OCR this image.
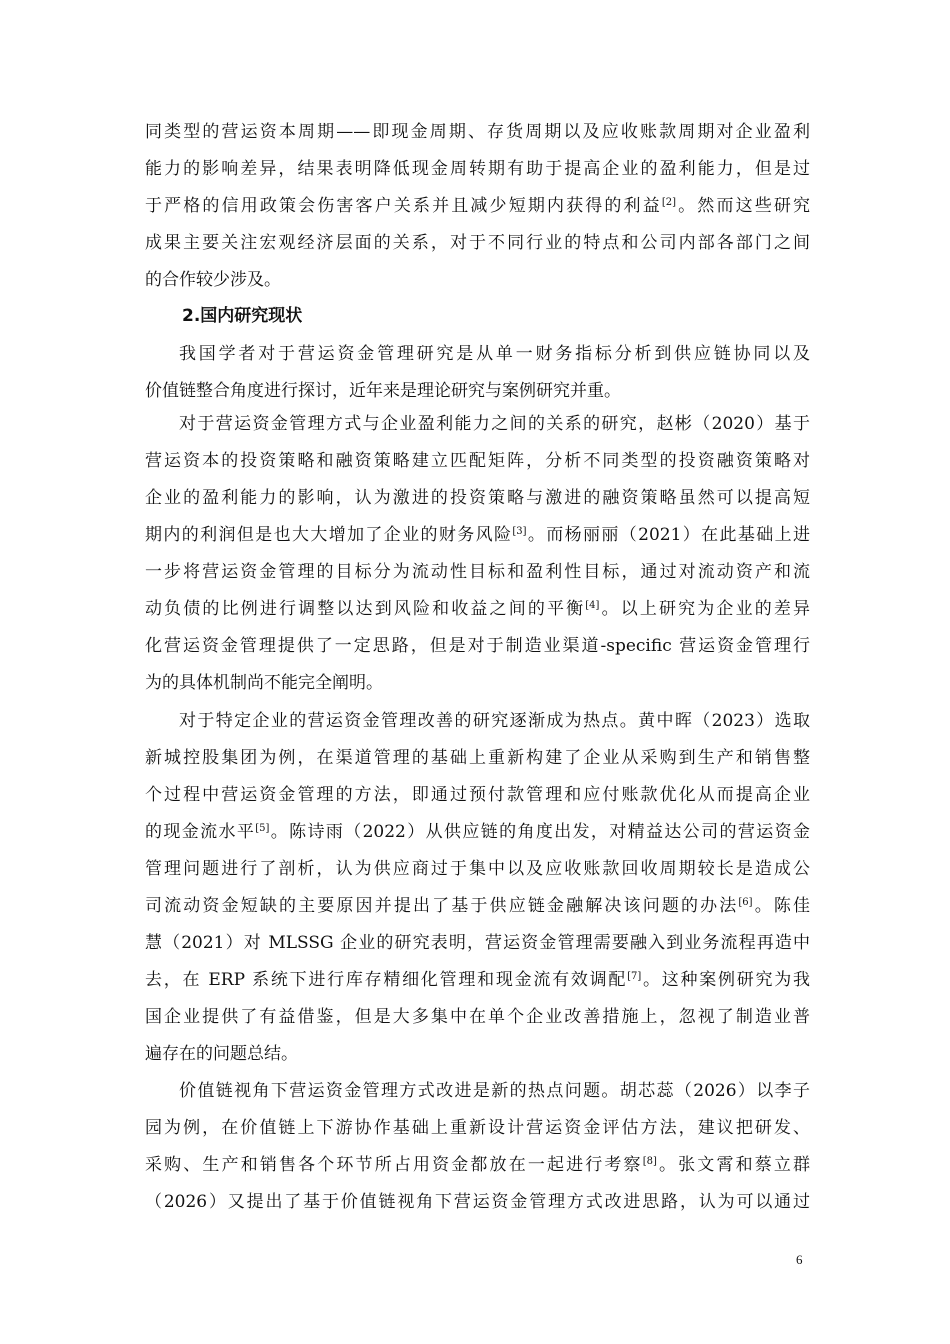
同类型的营运资本周期——即现金周期、存货周期以及应收账款周期对企业盈利
能力的影响差异，结果表明降低现金周转期有助于提高企业的盈利能力，但是过
于严格的信用政策会伤害客户关系并且减少短期内获得的利益[2]。然而这些研究
成果主要关注宏观经济层面的关系，对于不同行业的特点和公司内部各部门之间
的合作较少涉及。
我国学者对于营运资金管理研究是从单一财务指标分析到供应链协同以及
价值链整合角度进行探讨，近年来是理论研究与案例研究并重。
对于营运资金管理方式与企业盈利能力之间的关系的研究，赵彬（2020）基于
营运资本的投资策略和融资策略建立匹配矩阵，分析不同类型的投资融资策略对
企业的盈利能力的影响，认为激进的投资策略与激进的融资策略虽然可以提高短
期内的利润但是也大大增加了企业的财务风险[3]。而杨丽丽（2021）在此基础上进
一步将营运资金管理的目标分为流动性目标和盈利性目标，通过对流动资产和流
动负债的比例进行调整以达到风险和收益之间的平衡[4]。以上研究为企业的差异
化营运资金管理提供了一定思路，但是对于制造业渠道-specific 营运资金管理行
为的具体机制尚不能完全阐明。
对于特定企业的营运资金管理改善的研究逐渐成为热点。黄中晖（2023）选取
新城控股集团为例，在渠道管理的基础上重新构建了企业从采购到生产和销售整
个过程中营运资金管理的方法，即通过预付款管理和应付账款优化从而提高企业
的现金流水平[5]。陈诗雨（2022）从供应链的角度出发，对精益达公司的营运资金
管理问题进行了剖析，认为供应商过于集中以及应收账款回收周期较长是造成公
司流动资金短缺的主要原因并提出了基于供应链金融解决该问题的办法[6]。陈佳
慧（2021）对 MLSSG 企业的研究表明，营运资金管理需要融入到业务流程再造中
去，在 ERP 系统下进行库存精细化管理和现金流有效调配[7]。这种案例研究为我
国企业提供了有益借鉴，但是大多集中在单个企业改善措施上，忽视了制造业普
遍存在的问题总结。
价值链视角下营运资金管理方式改进是新的热点问题。胡芯蕊（2026）以李子
园为例，在价值链上下游协作基础上重新设计营运资金评估方法，建议把研发、
采购、生产和销售各个环节所占用资金都放在一起进行考察[8]。张文霄和蔡立群
（2026）又提出了基于价值链视角下营运资金管理方式改进思路，认为可以通过
2.国内研究现状
6
